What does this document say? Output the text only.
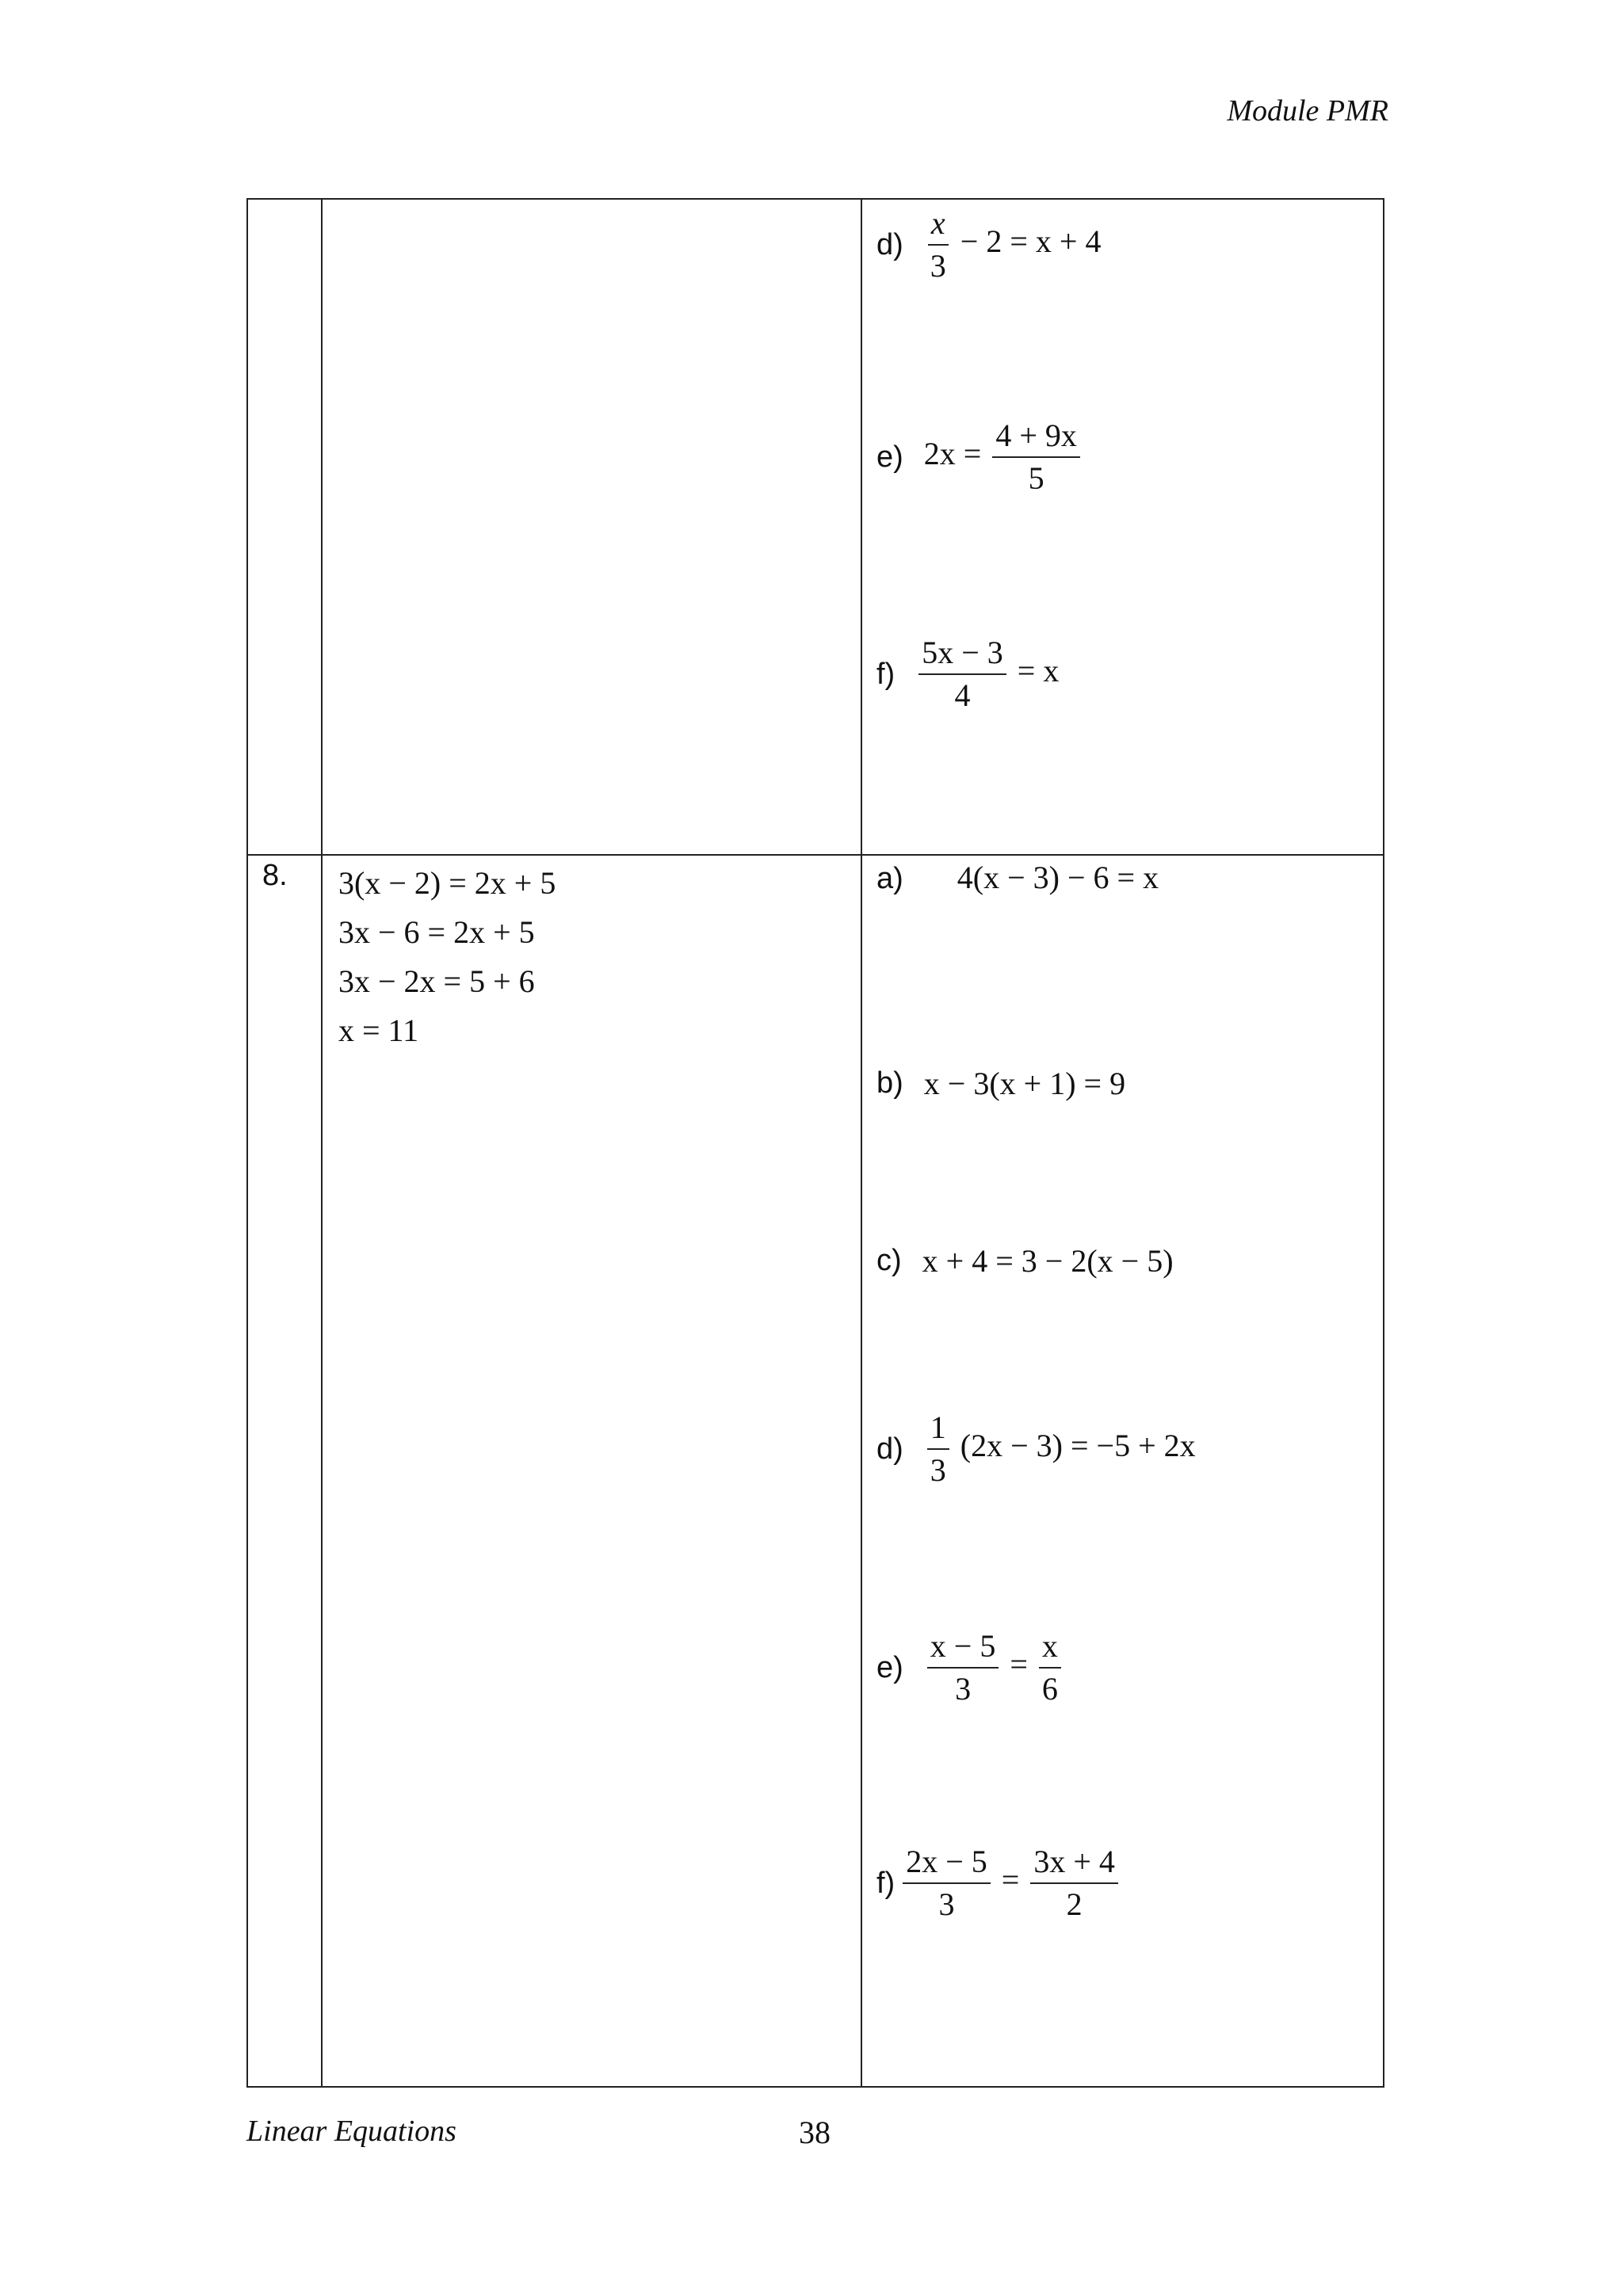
Module PMR
$d) \frac{x}{3} - 2 = x + 4$
e) $2x = \frac{4 + 9x}{5}$
$f) \frac{5x - 3}{4} = x$
8. 3(x − 2) = 2x + 5
3x − 6 = 2x + 5
3x − 2x = 5 + 6
x = 11
a) 4(x − 3) − 6 = x
b) x − 3(x + 1) = 9
c) x + 4 = 3 − 2(x − 5)
$d) \frac{1}{3} (2x - 3) = -5 + 2x$
$e) \frac{x - 5}{3} = \frac{x}{6}$
$f) \frac{2x - 5}{3} = \frac{3x + 4}{2}$
Linear Equations	38
